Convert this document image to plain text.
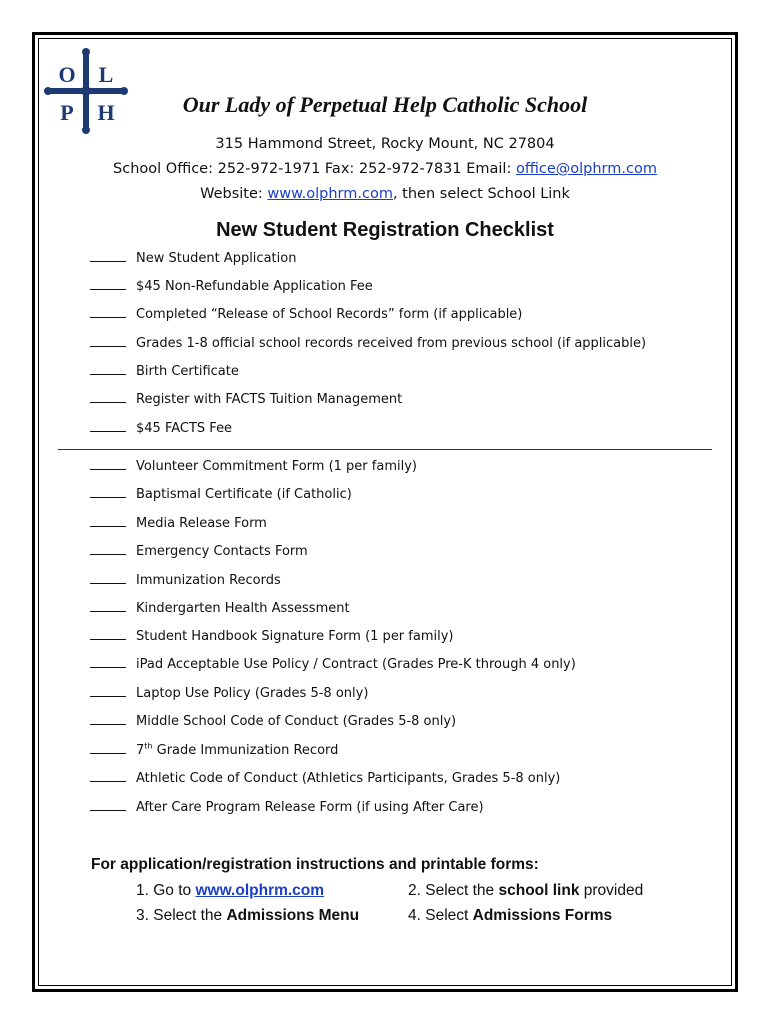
O L
P H	Our Lady of Perpetual Help Catholic School
315 Hammond Street, Rocky Mount, NC 27804
School Office: 252-972-1971 Fax: 252-972-7831 Email: office@olphrm.com
Website: www.olphrm.com, then select School Link
New Student Registration Checklist
New Student Application
$45 Non-Refundable Application Fee
Completed “Release of School Records” form (if applicable)
Grades 1-8 official school records received from previous school (if applicable)
Birth Certificate
Register with FACTS Tuition Management
$45 FACTS Fee
Volunteer Commitment Form (1 per family)
Baptismal Certificate (if Catholic)
Media Release Form
Emergency Contacts Form
Immunization Records
Kindergarten Health Assessment
Student Handbook Signature Form (1 per family)
iPad Acceptable Use Policy / Contract (Grades Pre-K through 4 only)
Laptop Use Policy (Grades 5-8 only)
Middle School Code of Conduct (Grades 5-8 only)
7th Grade Immunization Record
Athletic Code of Conduct (Athletics Participants, Grades 5-8 only)
After Care Program Release Form (if using After Care)
For application/registration instructions and printable forms:
1. Go to www.olphrm.com	2. Select the school link provided
3. Select the Admissions Menu	4. Select Admissions Forms
